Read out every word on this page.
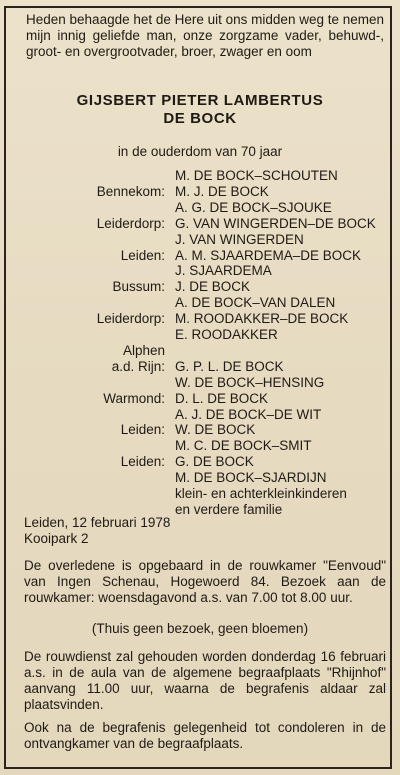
Heden behaagde het de Here uit ons midden weg te nemen mijn innig geliefde man, onze zorgzame vader, behuwd-, groot- en overgrootvader, broer, zwager en oom
GIJSBERT PIETER LAMBERTUS
DE BOCK
in de ouderdom van 70 jaar
M. DE BOCK–SCHOUTEN
Bennekom: M. J. DE BOCK
A. G. DE BOCK–SJOUKE
Leiderdorp: G. VAN WINGERDEN–DE BOCK
J. VAN WINGERDEN
Leiden: A. M. SJAARDEMA–DE BOCK
J. SJAARDEMA
Bussum: J. DE BOCK
A. DE BOCK–VAN DALEN
Leiderdorp: M. ROODAKKER–DE BOCK
E. ROODAKKER
Alphen
a.d. Rijn: G. P. L. DE BOCK
W. DE BOCK–HENSING
Warmond: D. L. DE BOCK
A. J. DE BOCK–DE WIT
Leiden: W. DE BOCK
M. C. DE BOCK–SMIT
Leiden: G. DE BOCK
M. DE BOCK–SJARDIJN
klein- en achterkleinkinderen
en verdere familie
Leiden, 12 februari 1978
Kooipark 2
De overledene is opgebaard in de rouwkamer "Eenvoud" van Ingen Schenau, Hogewoerd 84. Bezoek aan de rouwkamer: woensdagavond a.s. van 7.00 tot 8.00 uur.
(Thuis geen bezoek, geen bloemen)
De rouwdienst zal gehouden worden donderdag 16 februari a.s. in de aula van de algemene begraafplaats "Rhijnhof" aanvang 11.00 uur, waarna de begrafenis aldaar zal plaatsvinden.
Ook na de begrafenis gelegenheid tot condoleren in de ontvangkamer van de begraafplaats.
